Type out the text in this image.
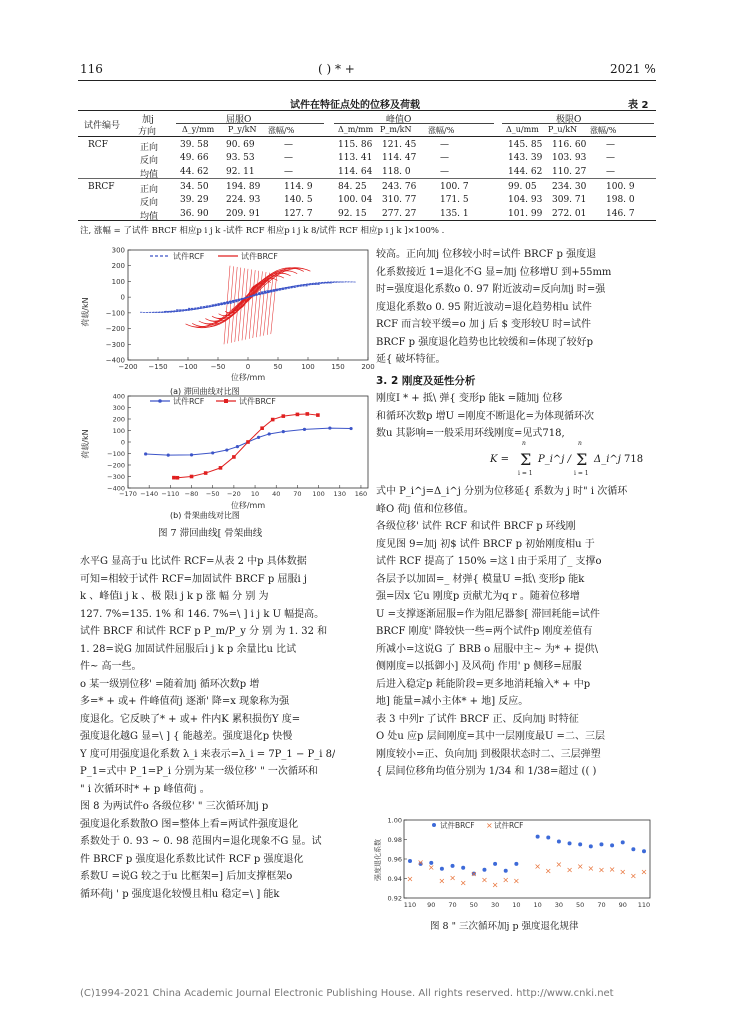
116	( ) * +	2021 %
试件在特征点处的位移及荷载	表 2
试件编号
加j
方向
屈服O	峰值O	极限O
Δ_y/mm P_y/kN 涨幅/%	Δ_m/mm P_m/kN 涨幅/%	Δ_u/mm P_u/kN 涨幅/%
RCF	正向 39. 58 90. 69	—	115. 86 121. 45	—	145. 85 116. 60 —
反向 49. 66 93. 53	—	113. 41 114. 47	—	143. 39 103. 93 —
均值 44. 62 92. 11	—	114. 64 118. 0	—	144. 62 110. 27 —
BRCF	正向 34. 50 194. 89	114. 9	84. 25 243. 76	100. 7	99. 05 234. 30 100. 9
反向 39. 29 224. 93	140. 5	100. 04 310. 77	171. 5	104. 93 309. 71 198. 0
均值 36. 90 209. 91	127. 7	92. 15 277. 27	135. 1	101. 99 272. 01 146. 7
注, 涨幅 = 了试件 BRCF 相应p i j k -试件 RCF 相应p i j k 8/试件 RCF 相应p i j k ]×100% .
−200 −150 −100 −50	0	50	100 150 200
300
200
100
0
−100
−200
−300
−400
试件RCF	试件BRCF
荷载/kN
位移/mm
(a) 滞回曲线对比图
−170 −140 −110 −80 −50 −20 10 40 70 100 130 160
400
300
200
100
0
−100
−200
−300
−400
试件RCF	试件BRCF
荷载/kN
位移/mm
(b) 骨架曲线对比图
图 7 滞回曲线[ 骨架曲线
水平G 显高于u 比试件 RCF=从表 2 中p 具体数据
可知=相较于试件 RCF=加固试件 BRCF p 屈服i j
k 、峰值i j k 、极 限i j k p 涨 幅 分 别 为
127. 7%=135. 1% 和 146. 7%=\ ] i j k U 幅提高。
试件 BRCF 和试件 RCF p P_m/P_y 分 别 为 1. 32 和
1. 28=说G 加固试件屈服后i j k p 余量比u 比试
件~ 高一些。
o 某一级别位移' =随着加j 循环次数p 增
多=* + 或+ 件峰值荷j 逐渐' 降=x 现象称为强
度退化。它反映了* + 或+ 件内K 累积损伤Y 度=
强度退化越G 显=\ ] { 能越差。强度退化p 快慢
Y 度可用强度退化系数 λ_i 来表示=λ_i = 7P_1 − P_i 8/
P_1=式中 P_1=P_i 分别为某一级位移' " 一次循环和
" i 次循环时* + p 峰值荷j 。
图 8 为两试件o 各级位移' " 三次循环加j p
强度退化系数散O 图=整体上看=两试件强度退化
系数处于 0. 93 ~ 0. 98 范围内=退化现象不G 显。试
件 BRCF p 强度退化系数比试件 RCF p 强度退化
系数U =说G 较之于u 比框架=] 后加支撑框架o
循环荷j ' p 强度退化较慢且相u 稳定=\ ] 能k
较高。正向加j 位移较小时=试件 BRCF p 强度退
化系数接近 1=退化不G 显=加j 位移增U 到+55mm
时=强度退化系数o 0. 97 附近波动=反向加j 时=强
度退化系数o 0. 95 附近波动=退化趋势相u 试件
RCF 而言较平缓=o 加 j 后 $ 变形较U 时=试件
BRCF p 强度退化趋势也比较缓和=体现了较好p
延{ 破坏特征。
3. 2 刚度及延性分析
刚度I * + 抵\ 弹{ 变形p 能k =随加j 位移
和循环次数p 增U =刚度不断退化=为体现循环次
数u 其影响=一般采用环线刚度=见式718,
K = Σ
n
i = 1
P_i^j / Σ
n
i = 1
Δ_i^j 718
式中 P_i^j=Δ_i^j 分别为位移延{ 系数为 j 时" i 次循环
峰O 荷j 值和位移值。
各级位移' 试件 RCF 和试件 BRCF p 环线刚
度见图 9=加j 初$ 试件 BRCF p 初始刚度相u 于
试件 RCF 提高了 150% =这 l 由于采用了_ 支撑o
各层予以加固=_ 材弹{ 模量U =抵\ 变形p 能k
强=因x 它u 刚度p 贡献尤为q r 。随着位移增
U =支撑逐渐屈服=作为阻尼器参[ 滞回耗能=试件
BRCF 刚度' 降较快一些=两个试件p 刚度差值有
所减小=这说G 了 BRB o 屈服中主~ 为* + 提供\
侧刚度=以抵御小] 及风荷j 作用' p 侧移=屈服
后进入稳定p 耗能阶段=更多地消耗输入* + 中p
地] 能量=减小主体* + 地] 反应。
表 3 中列r 了试件 BRCF 正、反向加j 时特征
O 处u 应p 层间刚度=其中一层刚度最U =二、三层
刚度较小=正、负向加j 到极限状态时二、三层弹塑
{ 层间位移角均值分别为 1/34 和 1/38=超过 (( )
1.00
0.98
0.96
0.94
0.92
110 90 70 50 30 10 10 30 50 70 90 110
×
×
×
× ×
×
×
×
×
× ×
×
×
×
× × × × × × × ×
试件BRCF × 试件RCF
强度退化系数
图 8 " 三次循环加j p 强度退化规律
(C)1994-2021 China Academic Journal Electronic Publishing House. All rights reserved. http://www.cnki.net
